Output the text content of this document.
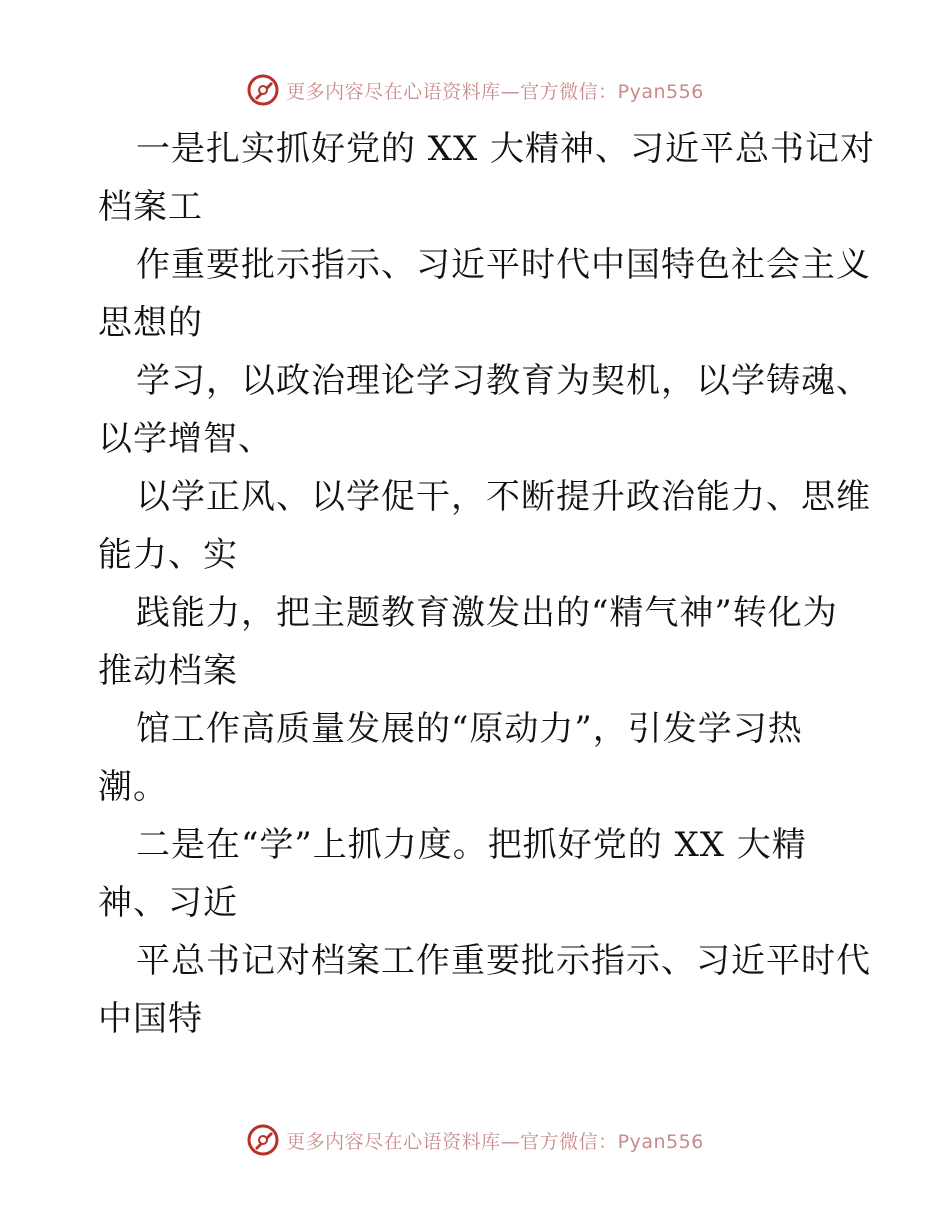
更多内容尽在心语资料库—官方微信：Pyan556
一是扎实抓好党的 XX 大精神、习近平总书记对
档案工
作重要批示指示、习近平时代中国特色社会主义
思想的
学习，以政治理论学习教育为契机，以学铸魂、
以学增智、
以学正风、以学促干，不断提升政治能力、思维
能力、实
践能力，把主题教育激发出的“精气神”转化为
推动档案
馆工作高质量发展的“原动力”，引发学习热
潮。
二是在“学”上抓力度。把抓好党的 XX 大精
神、习近
平总书记对档案工作重要批示指示、习近平时代
中国特
更多内容尽在心语资料库—官方微信：Pyan556
